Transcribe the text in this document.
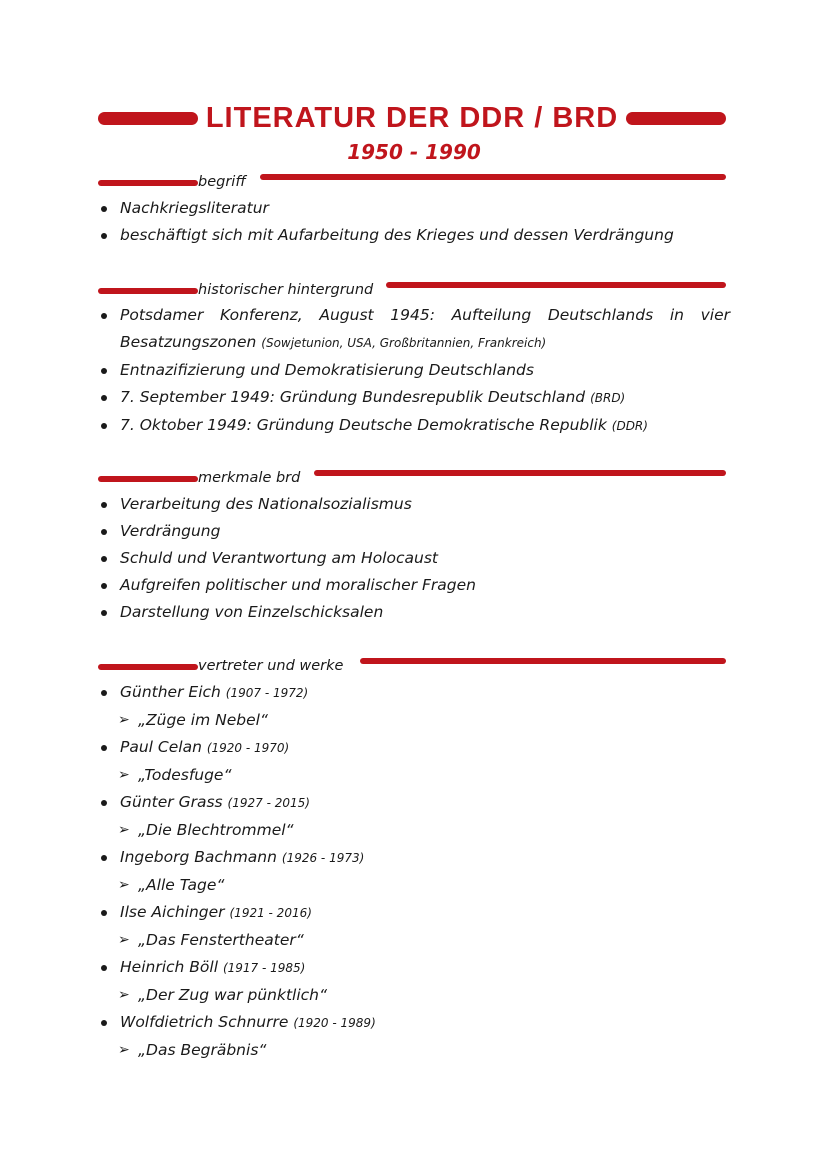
LITERATUR DER DDR / BRD
1950 - 1990
begriff
Nachkriegsliteratur
beschäftigt sich mit Aufarbeitung des Krieges und dessen Verdrängung
historischer hintergrund
Potsdamer Konferenz, August 1945: Aufteilung Deutschlands in vier
Besatzungszonen (Sowjetunion, USA, Großbritannien, Frankreich)
Entnazifizierung und Demokratisierung Deutschlands
7. September 1949: Gründung Bundesrepublik Deutschland (BRD)
7. Oktober 1949: Gründung Deutsche Demokratische Republik (DDR)
merkmale brd
Verarbeitung des Nationalsozialismus
Verdrängung
Schuld und Verantwortung am Holocaust
Aufgreifen politischer und moralischer Fragen
Darstellung von Einzelschicksalen
vertreter und werke
Günther Eich (1907 - 1972)
➢ „Züge im Nebel“
Paul Celan (1920 - 1970)
➢ „Todesfuge“
Günter Grass (1927 - 2015)
➢ „Die Blechtrommel“
Ingeborg Bachmann (1926 - 1973)
➢ „Alle Tage“
Ilse Aichinger (1921 - 2016)
➢ „Das Fenstertheater“
Heinrich Böll (1917 - 1985)
➢ „Der Zug war pünktlich“
Wolfdietrich Schnurre (1920 - 1989)
➢ „Das Begräbnis“
